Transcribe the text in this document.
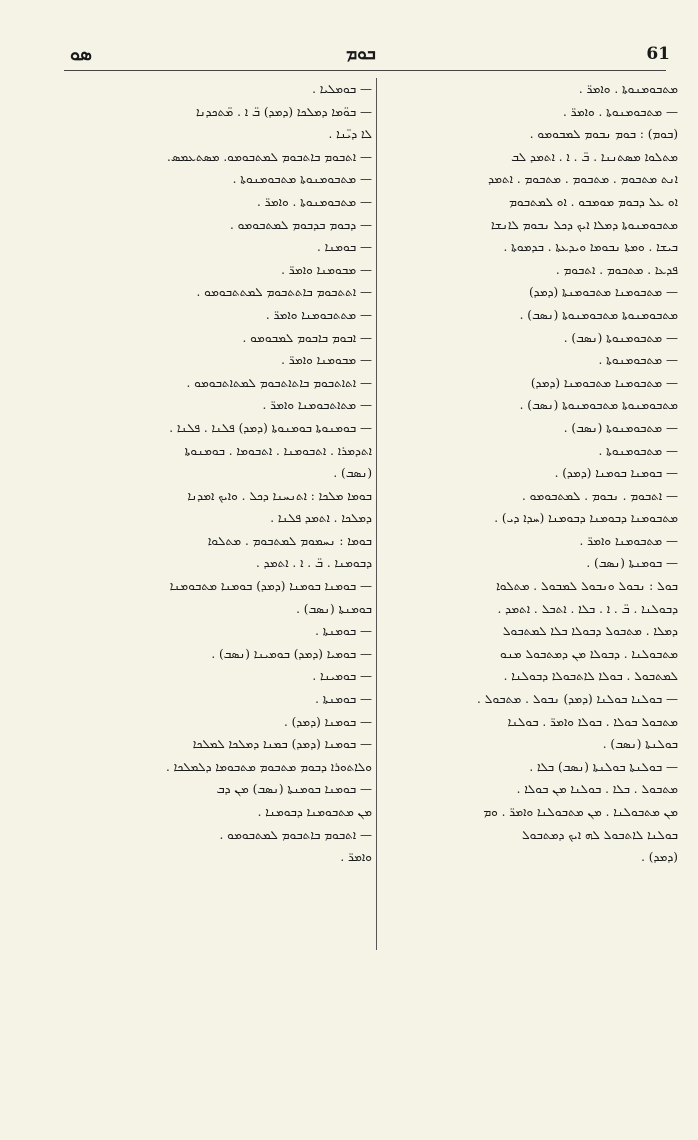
ܣܘ	ܒܘܡ	61
— ܒܘܡܠܝܐ .
— ܒܘ̈ܡܐ ܕܡܠܟܐ (ܕܡܕ) ܒ̈ ܐ . ܡ̈ܬܟܕܢܐ
ܠܐ ܕܝ̈ܢܐ .
— ܐܬܒܘܡ ܒܐܬܒܘܡ ܠܡܬܒܘܡܘ. ܡܣܬܥܡܣ.
— ܡܬܒܘܡܢܘܬܐ ܡܬܒܘܡܢܘܬܐ .
— ܡܬܒܘܡܢܘܬܐ . ܘܐܡܪ̈ .
— ܕܒܘܡ ܒܕܒܘܡ ܠܡܬܒܘܡܘ .
— ܒܘܡܢܐ .
— ܡܒܘܡܢܐ ܘܐܡܪ̈ .
— ܐܬܬܒܘܡ ܒܐܬܬܒܘܡ ܠܡܬܬܒܘܡܘ .
— ܡܬܬܒܘܡܢܐ ܘܐܡܪ̈ .
— ܐܒܘܡ ܒܐܒܘܡ ܠܡܒܘܡܘ .
— ܡܒܘܡܢܐ ܘܐܡܪ̈ .
— ܐܬܐܬܒܘܡ ܒܐܬܐܬܒܘܡ ܠܡܬܐܬܒܘܡܘ .
— ܡܬܐܬܒܘܡܢܐ ܘܐܡܪ̈ .
— ܒܘܡܢܘܬܐ ܒܘܡܢܘܬܐ (ܕܡܕ) ܦܠܢܐ . ܦܠܢܐ .
ܐܬܕܡܪܐ . ܐܬܒܘܡܢܐ . ܐܬܒܘܡܐ . ܒܘܡܢܘܬܐ
(ܢܣܒ) .
ܒܘܡܐ ܡܠܟܐ : ܐܬܢܚܢܐ ܕܟܠ . ܘܐܝܟ ܐܡܕܢܐ
ܕܡܠܟܐ . ܐܬܡܕ ܦܠܢܐ .
ܒܘܡܐ : ܢܚܡܘܡ ܠܡܬܒܘܡ . ܡܬܠܘܐ
ܕܒܘܡܢܐ . ܒ̈ . ܐ . ܐܬܡܕ .
— ܒܘܡܢܐ ܒܘܡܢܐ (ܕܡܕ) ܒܘܡܢܐ ܡܬܒܘܡܢܐ
ܒܘܡܢܬܐ (ܢܣܒ) .
— ܒܘܡܢܬܐ .
— ܒܘܡܝܐ (ܕܡܕ) ܒܘܡܝܢܐ (ܢܣܒ) .
— ܒܘܡܝܢܐ .
— ܒܘܡܢܬܐ .
— ܒܘܡܢܐ (ܕܡܕ) .
— ܒܘܡܢܐ (ܕܡܕ) ܒܡܢܐ ܕܡܠܟܐ ܠܡܠܟܐ
ܘܠܐܬܘܪܐ ܕܒܘܡ ܡܬܒܘܡ ܡܬܒܘܡܐ ܕܠܡܠܟܐ .
— ܒܘܡܢܐ ܒܘܡܢܬܐ (ܢܣܒ) ܡܢ ܕܒ
ܡܢ ܡܬܒܘܡܢܐ ܕܒܘܡܢܐ .
— ܐܬܒܘܡ ܒܐܬܒܘܡ ܠܡܬܒܘܡܘ .
ܘܐܡܪ̈ .
ܡܬܒܘܡܢܘܬܐ . ܘܐܡܪ̈ .
— ܡܬܒܘܡܢܘܬܐ . ܘܐܡܪ̈ .
(ܒܘܡ) : ܒܘܡ ܢܒܘܡ ܠܡܒܘܡܘ .
ܡܬܠܘܐ ܡܣܬܢܢܐ . ܒ̈ . ܐ . ܐܬܡܕ ܠܒ
ܐܢܬ ܡܬܒܘܡ . ܡܬܒܘܡ . ܡܬܒܘܡ . ܐܬܡܕ
ܐܘ ܥܠ ܕܒܘܡ ܡܘܡܒܘ . ܐܘ ܠܡܬܒܘܡ
ܡܬܒܘܡܢܘܬܐ ܕܡܠܐ ܐܝܟ ܕܟܠ ܢܒܘܡ ܠܐܢܫܐ
ܒܝܫܐ . ܘܡܬܐ ܢܒܘܡܐ ܘܝܕܥܬܐ . ܒܕܡܘܬܐ .
ܦܕܥܐ . ܡܬܒܘܡ . ܐܬܒܘܡ .
— ܡܬܒܘܡܢܐ ܡܬܒܘܡܢܬܐ (ܕܡܕ)
ܡܬܒܘܡܢܘܬܐ ܡܬܒܘܡܢܘܬܐ (ܢܣܒ) .
— ܡܬܒܘܡܢܘܬܐ (ܢܣܒ) .
— ܡܬܒܘܡܢܘܬܐ .
— ܡܬܒܘܡܢܐ ܡܬܒܘܡܢܐ (ܕܡܕ)
ܡܬܒܘܡܢܘܬܐ ܡܬܒܘܡܢܘܬܐ (ܢܣܒ) .
— ܡܬܒܘܡܢܘܬܐ (ܢܣܒ) .
— ܡܬܒܘܡܢܘܬܐ .
— ܒܘܡܢܐ ܒܘܡܢܐ (ܕܡܕ) .
— ܐܬܒܘܡ . ܢܒܘܡ . ܠܡܬܒܘܡܘ .
ܡܬܒܘܡܢܐ ܕܒܘܡܢܐ ܕܒܘܡܢܐ (ܚܕܐ ܕܝ) .
— ܡܬܒܘܡܢܐ ܘܐܡܪ̈ .
— ܒܘܡܢܬܐ (ܢܣܒ) .
ܒܘܠ : ܢܒܘܠ ܘܢܒܘܠ ܠܡܒܘܠ . ܡܬܠܘܐ
ܕܒܘܠܢܐ . ܒ̈ . ܐ . ܒܠܐ . ܐܬܒܠ . ܐܬܡܕ .
ܕܡܠܐ . ܡܬܒܘܠ ܕܒܘܠܐ ܒܠܐ ܠܡܬܒܘܠ
ܡܬܒܘܠܢܐ . ܕܒܘܠܐ ܡܢ ܕܡܬܒܘܠ ܡܢܘ
ܠܡܬܒܘܠ . ܒܘܠܐ ܠܐܬܒܘܠܐ ܕܒܘܠܢܐ .
— ܒܘܠܢܐ ܒܘܠܢܐ (ܕܡܕ) ܢܒܘܠ . ܡܬܒܘܠ .
ܡܬܒܘܠ ܒܘܠܐ . ܒܘܠܐ ܘܐܡܪ̈ . ܒܘܠܢܐ
ܒܘܠܢܬܐ (ܢܣܒ) .
— ܒܘܠܢܬܐ ܒܘܠܢܬܐ (ܢܣܒ) ܒܠܐ .
ܡܬܒܘܠ . ܒܠܐ . ܒܘܠܢܐ ܡܢ ܒܘܠܐ .
ܡܢ ܡܬܒܘܠܢܐ . ܡܢ ܡܬܒܘܠܢܐ ܘܐܡܪ̈ . ܘܡ
ܒܘܠܢܐ ܠܐܬܒܘܠ ܠܗ ܐܝܟ ܕܡܬܒܘܠ
(ܕܡܕ) .
